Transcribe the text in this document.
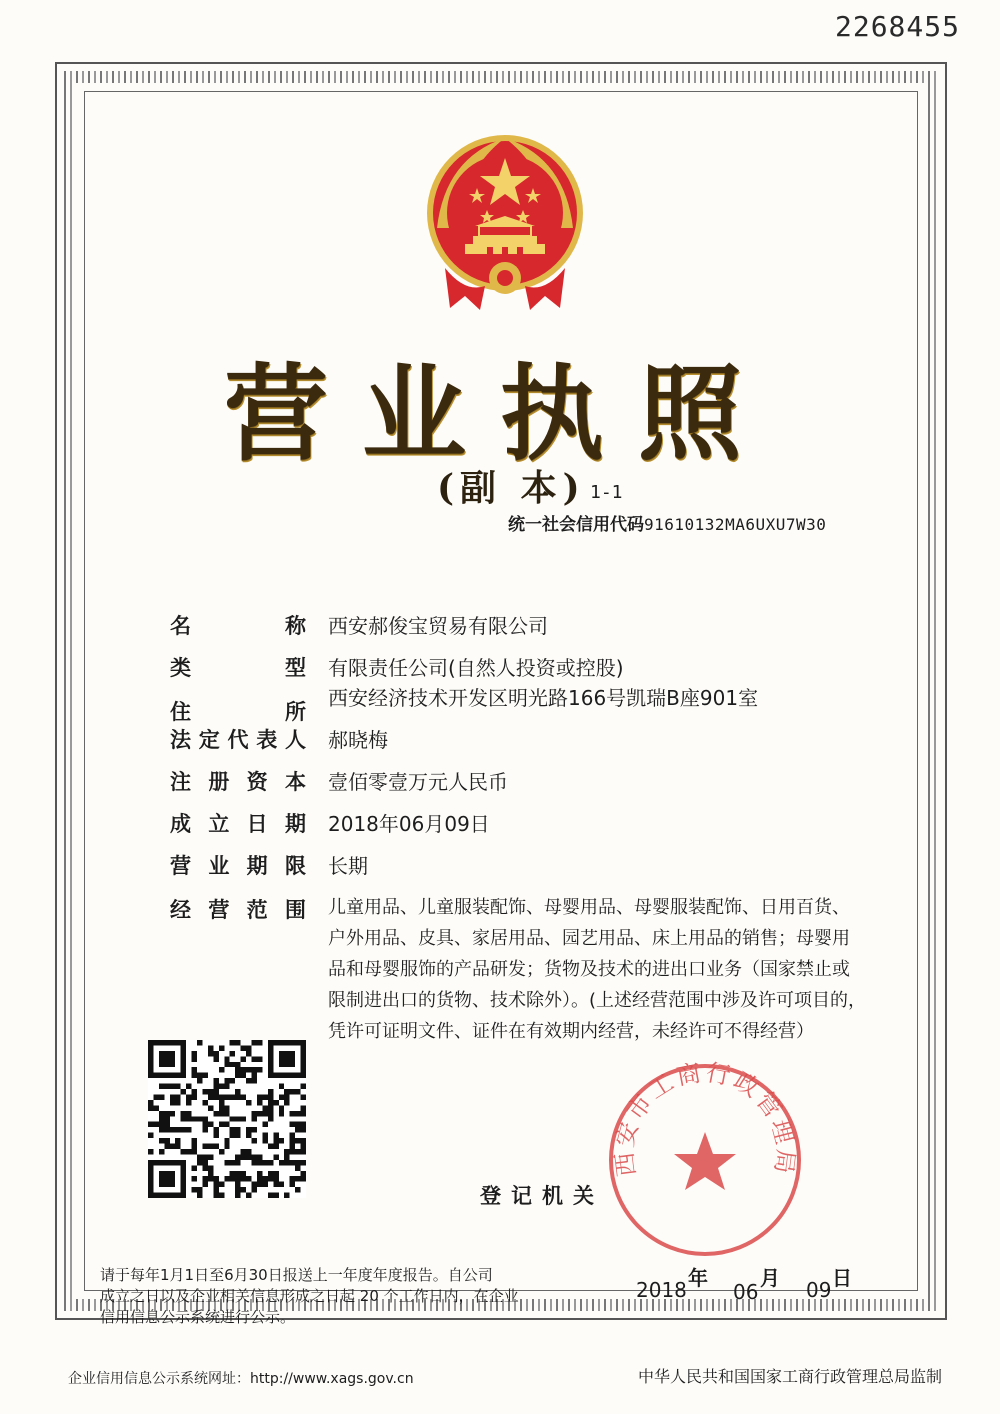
2268455
营业执照
(副 本) 1-1
统一社会信用代码91610132MA6UXU7W30
名	称 西安郝俊宝贸易有限公司
类	型 有限责任公司(自然人投资或控股)
住	所
西安经济技术开发区明光路166号凯瑞B座901室
法 定 代 表 人 郝晓梅
注 册 资 本 壹佰零壹万元人民币
成 立 日 期 2018年06月09日
营 业 期 限 长期
经 营 范 围 儿童用品、儿童服装配饰、母婴用品、母婴服装配饰、日用百货、
户外用品、皮具、家居用品、园艺用品、床上用品的销售；母婴用
品和母婴服饰的产品研发；货物及技术的进出口业务（国家禁止或
限制进出口的货物、技术除外）。(上述经营范围中涉及许可项目的，
凭许可证明文件、证件在有效期内经营，未经许可不得经营）
登记机关
西安市工商行政管理局
请于每年1月1日至6月30日报送上一年度年度报告。自公司
成立之日以及企业相关信息形成之日起 20 个工作日内，在企业
信用信息公示系统进行公示。
2018 年
06
月 09 日
企业信用信息公示系统网址：http://www.xags.gov.cn	中华人民共和国国家工商行政管理总局监制
